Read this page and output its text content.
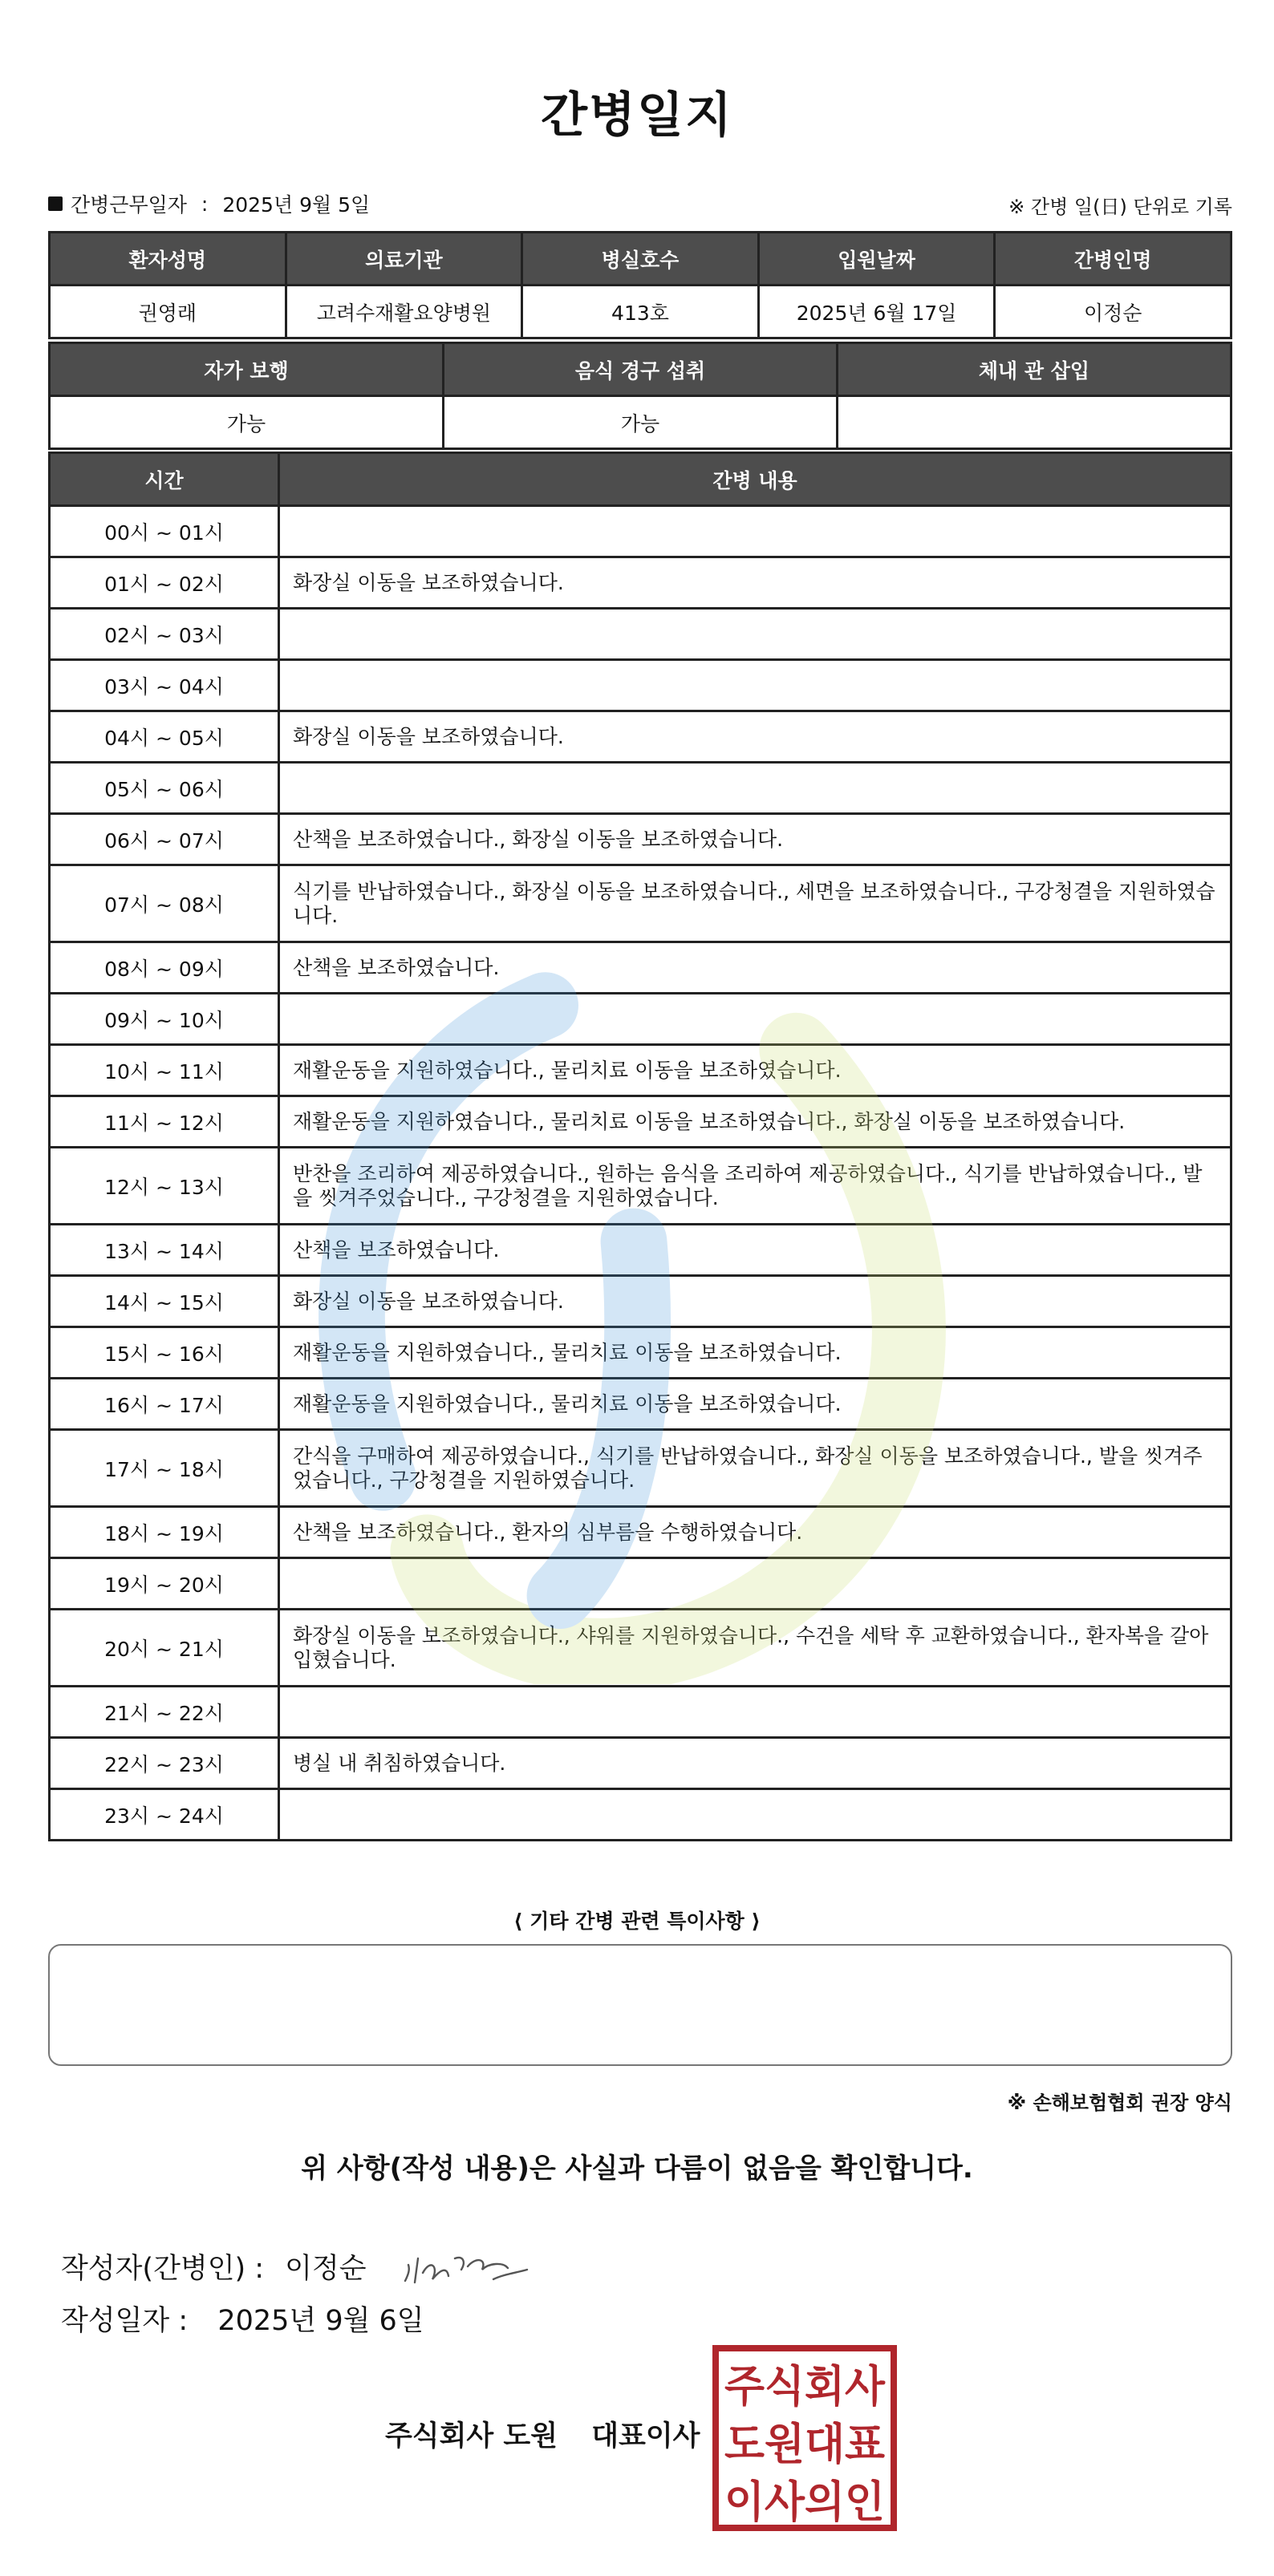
간병일지
간병근무일자 : 2025년 9월 5일	※ 간병 일(日) 단위로 기록
환자성명	의료기관	병실호수	입원날짜	간병인명
권영래	고려수재활요양병원	413호	2025년 6월 17일	이정순
자가 보행	음식 경구 섭취	체내 관 삽입
가능	가능	
시간	간병 내용
00시 ~ 01시	
01시 ~ 02시	화장실 이동을 보조하였습니다.
02시 ~ 03시	
03시 ~ 04시	
04시 ~ 05시	화장실 이동을 보조하였습니다.
05시 ~ 06시	
06시 ~ 07시	산책을 보조하였습니다., 화장실 이동을 보조하였습니다.
07시 ~ 08시	식기를 반납하였습니다., 화장실 이동을 보조하였습니다., 세면을 보조하였습니다., 구강청결을 지원하였습니다.
08시 ~ 09시	산책을 보조하였습니다.
09시 ~ 10시	
10시 ~ 11시	재활운동을 지원하였습니다., 물리치료 이동을 보조하였습니다.
11시 ~ 12시	재활운동을 지원하였습니다., 물리치료 이동을 보조하였습니다., 화장실 이동을 보조하였습니다.
12시 ~ 13시	반찬을 조리하여 제공하였습니다., 원하는 음식을 조리하여 제공하였습니다., 식기를 반납하였습니다., 발을 씻겨주었습니다., 구강청결을 지원하였습니다.
13시 ~ 14시	산책을 보조하였습니다.
14시 ~ 15시	화장실 이동을 보조하였습니다.
15시 ~ 16시	재활운동을 지원하였습니다., 물리치료 이동을 보조하였습니다.
16시 ~ 17시	재활운동을 지원하였습니다., 물리치료 이동을 보조하였습니다.
17시 ~ 18시	간식을 구매하여 제공하였습니다., 식기를 반납하였습니다., 화장실 이동을 보조하였습니다., 발을 씻겨주었습니다., 구강청결을 지원하였습니다.
18시 ~ 19시	산책을 보조하였습니다., 환자의 심부름을 수행하였습니다.
19시 ~ 20시	
20시 ~ 21시	화장실 이동을 보조하였습니다., 샤워를 지원하였습니다., 수건을 세탁 후 교환하였습니다., 환자복을 갈아입혔습니다.
21시 ~ 22시	
22시 ~ 23시	병실 내 취침하였습니다.
23시 ~ 24시	
⟨ 기타 간병 관련 특이사항 ⟩
※ 손해보험협회 권장 양식
위 사항(작성 내용)은 사실과 다름이 없음을 확인합니다.
작성자(간병인) : 이정순
작성일자 : 2025년 9월 6일
주식회사 도원 대표이사
주식회사
도원대표
이사의인
